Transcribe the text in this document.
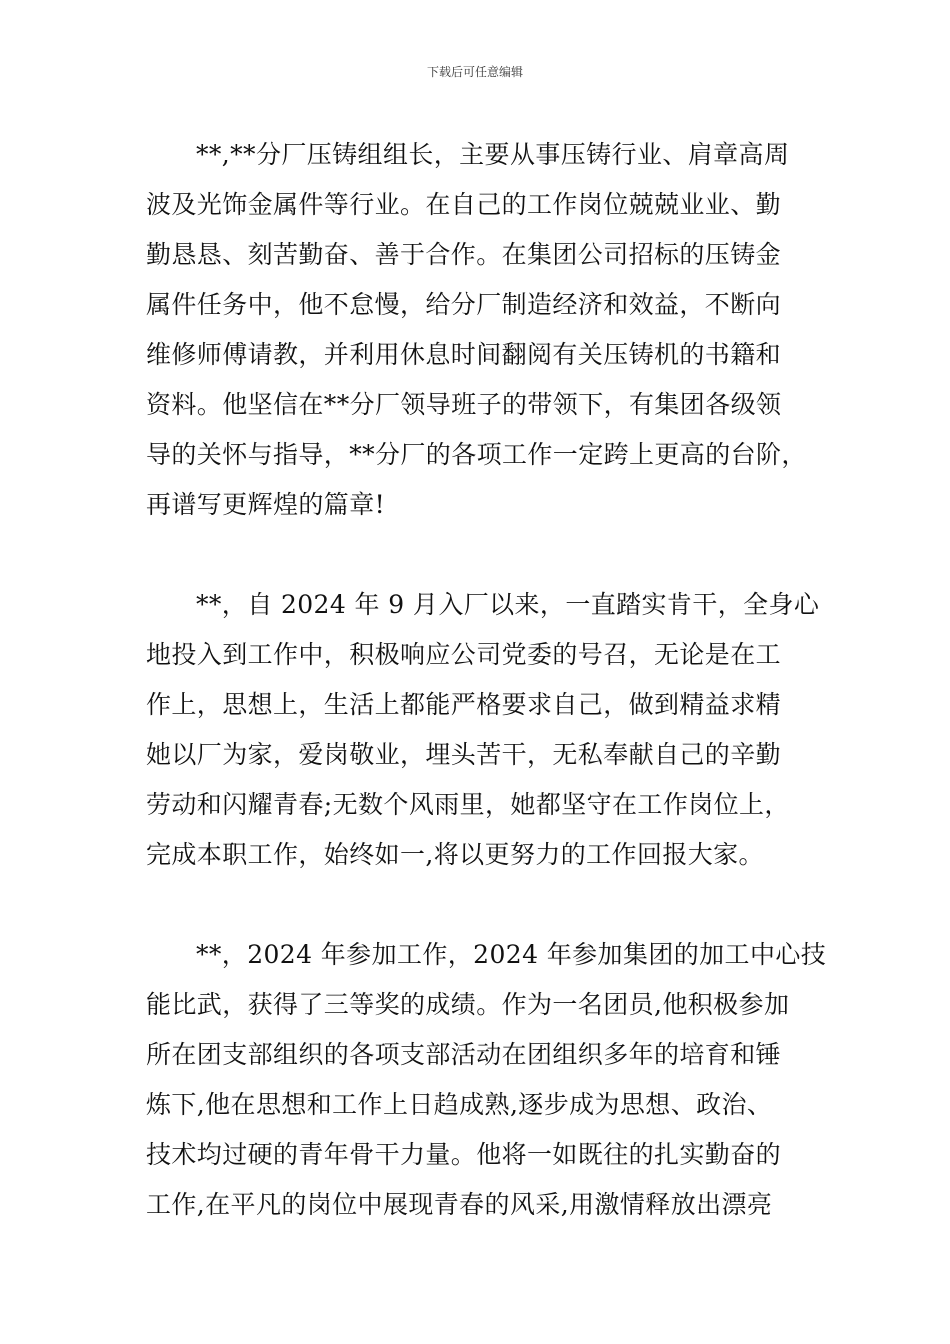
下载后可任意编辑

**,**分厂压铸组组长，主要从事压铸行业、肩章高周
波及光饰金属件等行业。在自己的工作岗位兢兢业业、勤
勤恳恳、刻苦勤奋、善于合作。在集团公司招标的压铸金
属件任务中，他不怠慢，给分厂制造经济和效益，不断向
维修师傅请教，并利用休息时间翻阅有关压铸机的书籍和
资料。他坚信在**分厂领导班子的带领下，有集团各级领
导的关怀与指导，**分厂的各项工作一定跨上更高的台阶，
再谱写更辉煌的篇章!

**，自 2024 年 9 月入厂以来，一直踏实肯干，全身心
地投入到工作中，积极响应公司党委的号召，无论是在工
作上，思想上，生活上都能严格要求自己，做到精益求精
她以厂为家，爱岗敬业，埋头苦干，无私奉献自己的辛勤
劳动和闪耀青春;无数个风雨里，她都坚守在工作岗位上，
完成本职工作，始终如一,将以更努力的工作回报大家。

**，2024 年参加工作，2024 年参加集团的加工中心技
能比武，获得了三等奖的成绩。作为一名团员,他积极参加
所在团支部组织的各项支部活动在团组织多年的培育和锤
炼下,他在思想和工作上日趋成熟,逐步成为思想、政治、
技术均过硬的青年骨干力量。他将一如既往的扎实勤奋的
工作,在平凡的岗位中展现青春的风采,用激情释放出漂亮
